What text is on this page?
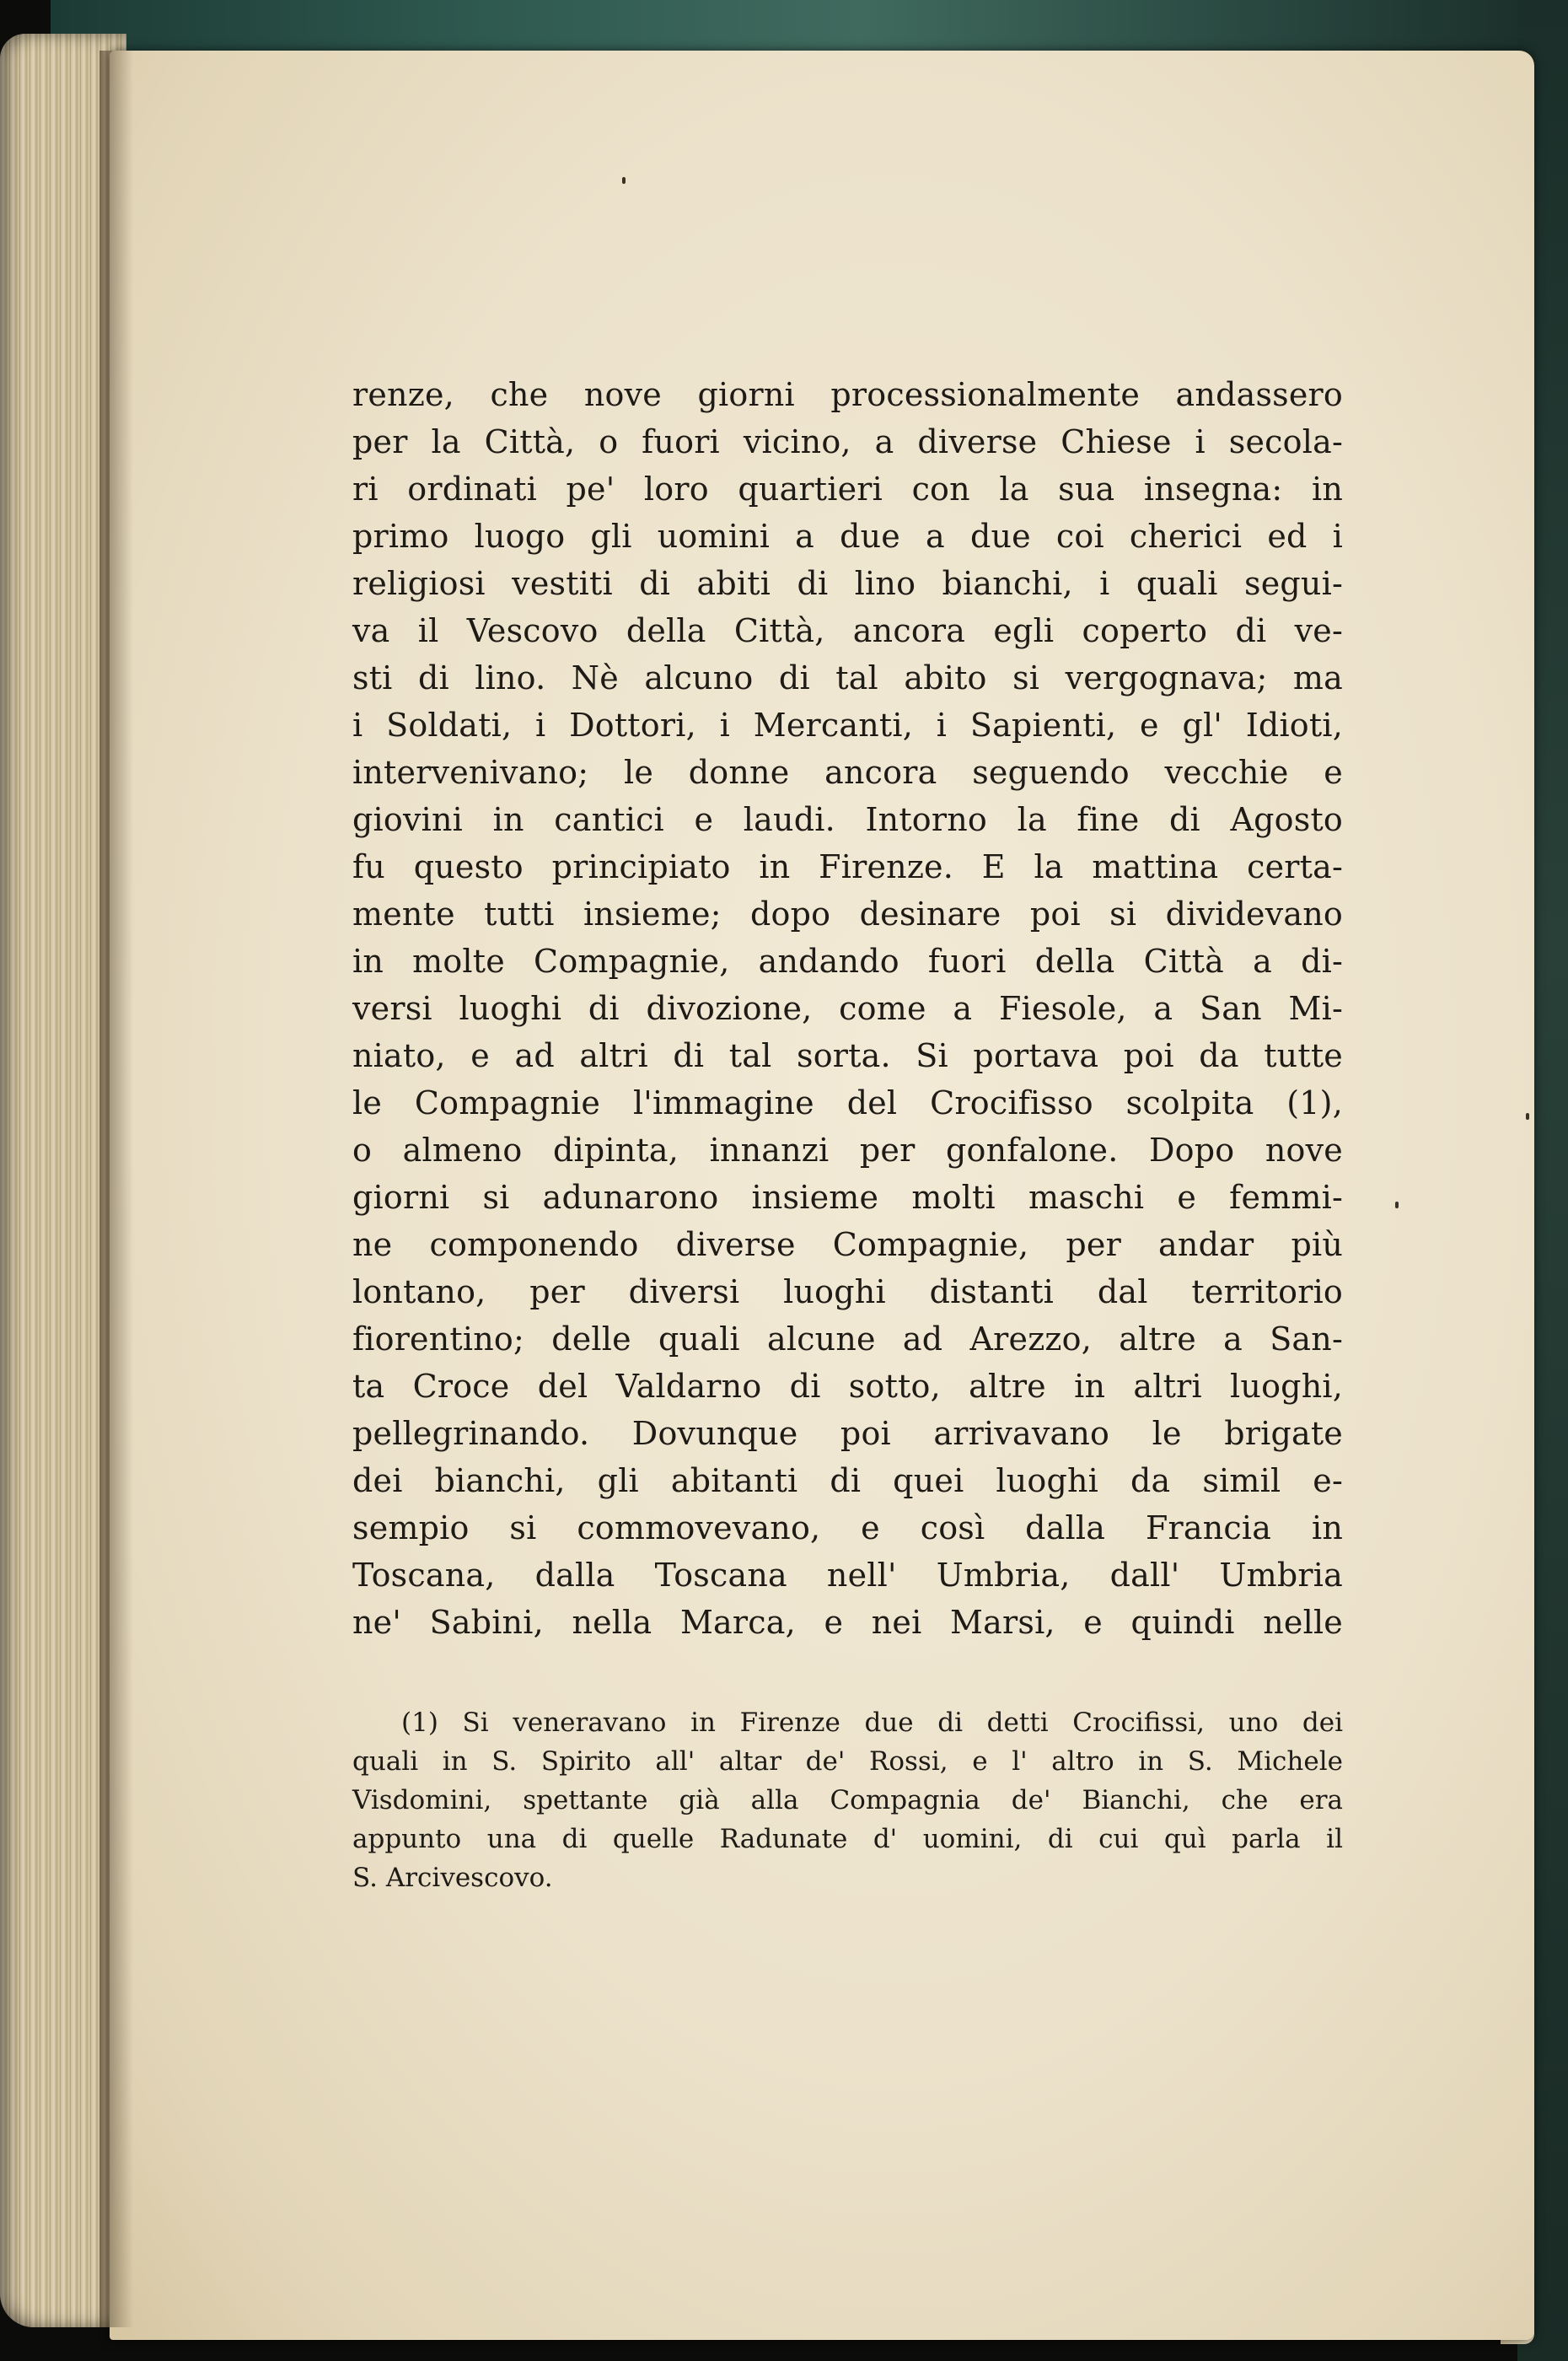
renze, che nove giorni processionalmente andassero
per la Città, o fuori vicino, a diverse Chiese i secola-
ri ordinati pe' loro quartieri con la sua insegna: in
primo luogo gli uomini a due a due coi cherici ed i
religiosi vestiti di abiti di lino bianchi, i quali segui-
va il Vescovo della Città, ancora egli coperto di ve-
sti di lino. Nè alcuno di tal abito si vergognava; ma
i Soldati, i Dottori, i Mercanti, i Sapienti, e gl' Idioti,
intervenivano; le donne ancora seguendo vecchie e
giovini in cantici e laudi. Intorno la fine di Agosto
fu questo principiato in Firenze. E la mattina certa-
mente tutti insieme; dopo desinare poi si dividevano
in molte Compagnie, andando fuori della Città a di-
versi luoghi di divozione, come a Fiesole, a San Mi-
niato, e ad altri di tal sorta. Si portava poi da tutte
le Compagnie l'immagine del Crocifisso scolpita (1),
o almeno dipinta, innanzi per gonfalone. Dopo nove
giorni si adunarono insieme molti maschi e femmi-
ne componendo diverse Compagnie, per andar più
lontano, per diversi luoghi distanti dal territorio
fiorentino; delle quali alcune ad Arezzo, altre a San-
ta Croce del Valdarno di sotto, altre in altri luoghi,
pellegrinando. Dovunque poi arrivavano le brigate
dei bianchi, gli abitanti di quei luoghi da simil e-
sempio si commovevano, e così dalla Francia in
Toscana, dalla Toscana nell' Umbria, dall' Umbria
ne' Sabini, nella Marca, e nei Marsi, e quindi nelle
(1) Si veneravano in Firenze due di detti Crocifissi, uno dei
quali in S. Spirito all' altar de' Rossi, e l' altro in S. Michele
Visdomini, spettante già alla Compagnia de' Bianchi, che era
appunto una di quelle Radunate d' uomini, di cui quì parla il
S. Arcivescovo.
